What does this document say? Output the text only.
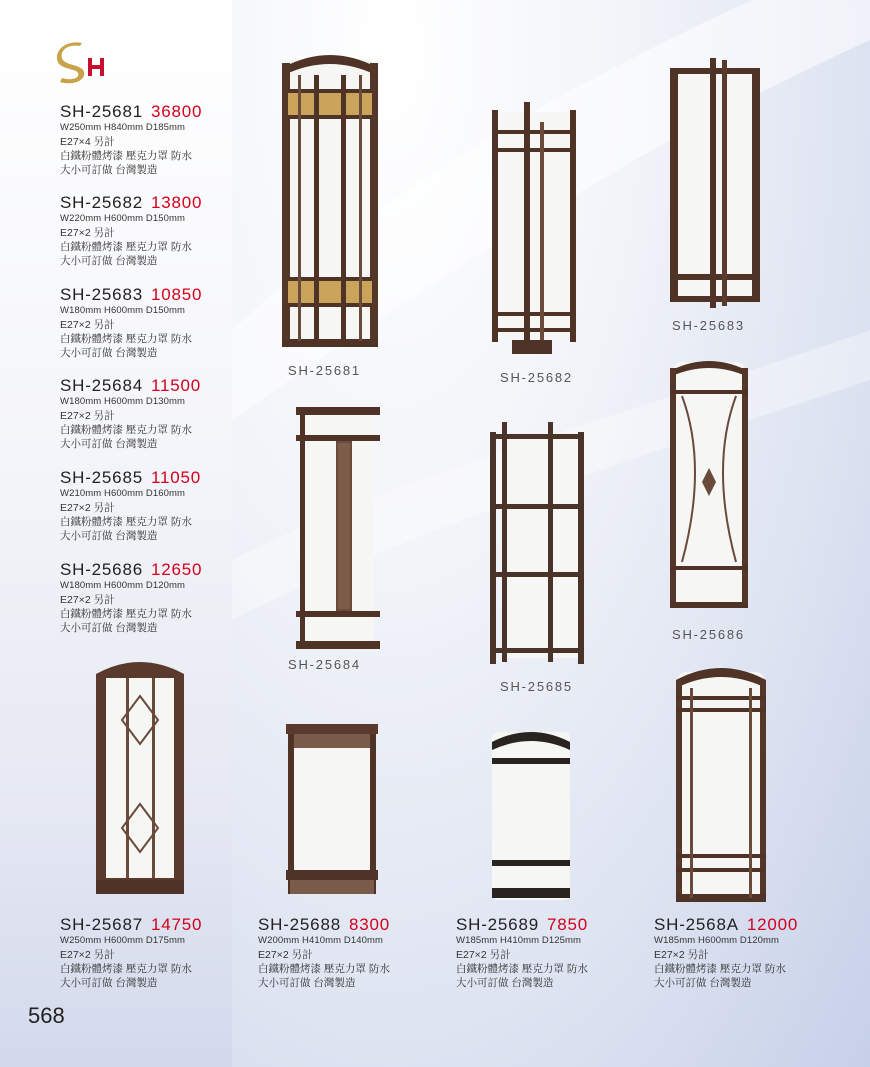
SH-25681 36800
W250mm H840mm D185mm
E27×4 另計
白鐵粉體烤漆 壓克力罩 防水
大小可訂做 台灣製造
SH-25682 13800
W220mm H600mm D150mm
E27×2 另計
白鐵粉體烤漆 壓克力罩 防水
大小可訂做 台灣製造
SH-25683 10850
W180mm H600mm D150mm
E27×2 另計
白鐵粉體烤漆 壓克力罩 防水
大小可訂做 台灣製造
SH-25684 11500
W180mm H600mm D130mm
E27×2 另計
白鐵粉體烤漆 壓克力罩 防水
大小可訂做 台灣製造
SH-25685 11050
W210mm H600mm D160mm
E27×2 另計
白鐵粉體烤漆 壓克力罩 防水
大小可訂做 台灣製造
SH-25686 12650
W180mm H600mm D120mm
E27×2 另計
白鐵粉體烤漆 壓克力罩 防水
大小可訂做 台灣製造
SH-25687 14750
W250mm H600mm D175mm
E27×2 另計
白鐵粉體烤漆 壓克力罩 防水
大小可訂做 台灣製造
SH-25688 8300
W200mm H410mm D140mm
E27×2 另計
白鐵粉體烤漆 壓克力罩 防水
大小可訂做 台灣製造
SH-25689 7850
W185mm H410mm D125mm
E27×2 另計
白鐵粉體烤漆 壓克力罩 防水
大小可訂做 台灣製造
SH-2568A 12000
W185mm H600mm D120mm
E27×2 另計
白鐵粉體烤漆 壓克力罩 防水
大小可訂做 台灣製造
SH-25681	SH-25682
SH-25683
SH-25684
SH-25685
SH-25686
568
